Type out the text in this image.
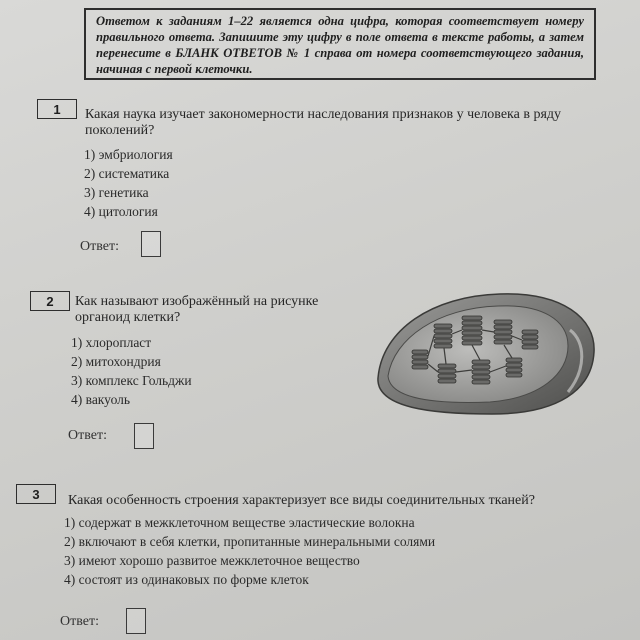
Ответом к заданиям 1–22 является одна цифра, которая соответствует номеру правильного ответа. Запишите эту цифру в поле ответа в тексте работы, а затем перенесите в БЛАНК ОТВЕТОВ № 1 справа от номера соответствующего задания, начиная с первой клеточки.
1	Какая наука изучает закономерности наследования признаков у человека в ряду поколений?
1) эмбриология
2) систематика
3) генетика
4) цитология
Ответ:
2	Как называют изображённый на рисунке органоид клетки?
1) хлоропласт
2) митохондрия
3) комплекс Гольджи
4) вакуоль
Ответ:
3	Какая особенность строения характеризует все виды соединительных тканей?
1) содержат в межклеточном веществе эластические волокна
2) включают в себя клетки, пропитанные минеральными солями
3) имеют хорошо развитое межклеточное вещество
4) состоят из одинаковых по форме клеток
Ответ:
